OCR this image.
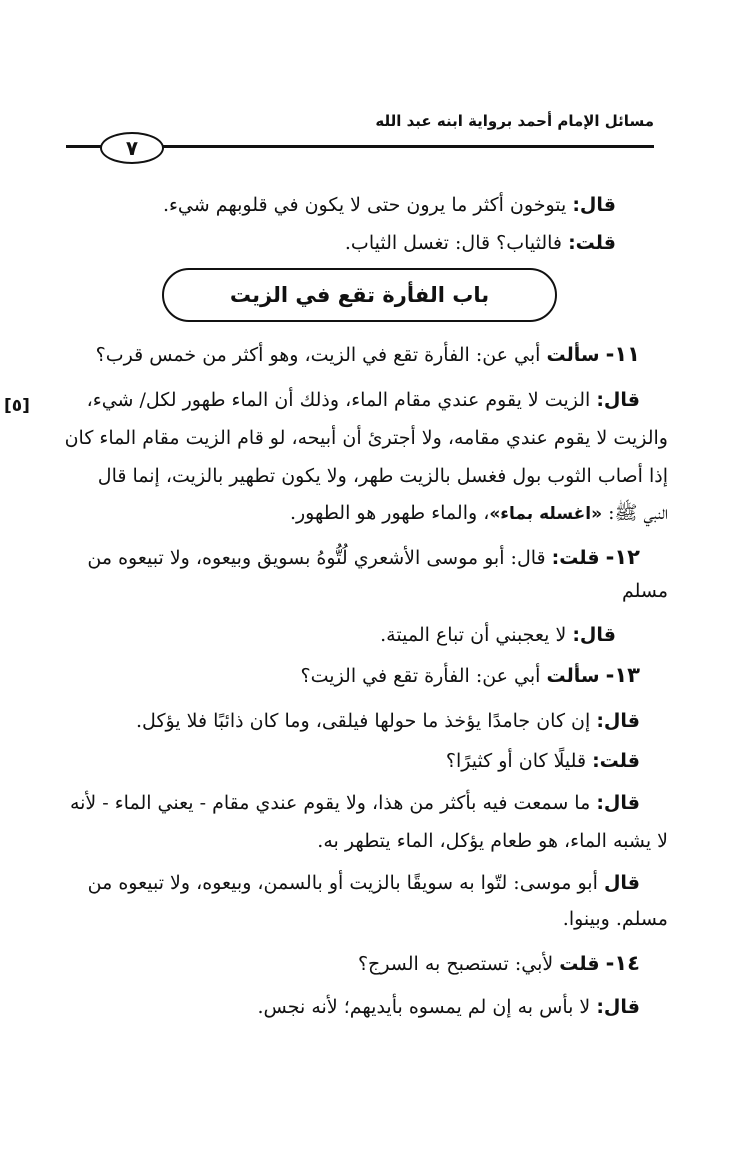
مسائل الإمام أحمد برواية ابنه عبد الله
٧
قال: يتوخون أكثر ما يرون حتى لا يكون في قلوبهم شيء.
قلت: فالثياب؟ قال: تغسل الثياب.
باب الفأرة تقع في الزيت
١١- سألت أبي عن: الفأرة تقع في الزيت، وهو أكثر من خمس قرب؟
[٥]	قال: الزيت لا يقوم عندي مقام الماء، وذلك أن الماء طهور لكل/ شيء،
والزيت لا يقوم عندي مقامه، ولا أجترئ أن أبيحه، لو قام الزيت مقام الماء كان
إذا أصاب الثوب بول فغسل بالزيت طهر، ولا يكون تطهير بالزيت، إنما قال
النبي ﷺ: «اغسله بماء»، والماء طهور هو الطهور.
١٢- قلت: قال: أبو موسى الأشعري لُتُّوهُ بسويق وبيعوه، ولا تبيعوه من
مسلم
قال: لا يعجبني أن تباع الميتة.
١٣- سألت أبي عن: الفأرة تقع في الزيت؟
قال: إن كان جامدًا يؤخذ ما حولها فيلقى، وما كان ذائبًا فلا يؤكل.
قلت: قليلًا كان أو كثيرًا؟
قال: ما سمعت فيه بأكثر من هذا، ولا يقوم عندي مقام - يعني الماء - لأنه
لا يشبه الماء، هو طعام يؤكل، الماء يتطهر به.
قال أبو موسى: لتّوا به سويقًا بالزيت أو بالسمن، وبيعوه، ولا تبيعوه من
مسلم. وبينوا.
١٤- قلت لأبي: تستصبح به السرج؟
قال: لا بأس به إن لم يمسوه بأيديهم؛ لأنه نجس.
